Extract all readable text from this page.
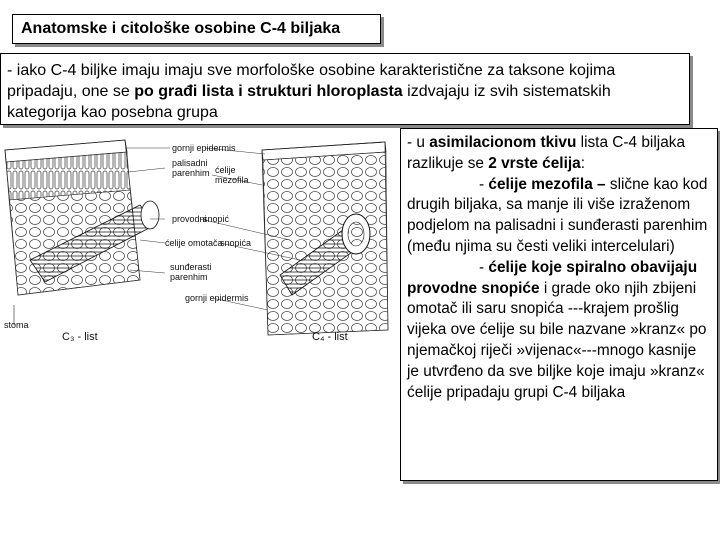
Anatomske i citološke osobine C-4 biljaka
- iako C-4 biljke imaju imaju sve morfološke osobine karakteristične za taksone kojima pripadaju, one se po građi lista i strukturi hloroplasta izdvajaju iz svih sistematskih kategorija kao posebna grupa
- u asimilacionom tkivu lista C-4 biljaka razlikuje se 2 vrste ćelija:
- ćelije mezofila – slične kao kod drugih biljaka, sa manje ili više izraženom podjelom na palisadni i sunđerasti parenhim (među njima su česti veliki intercelulari)
- ćelije koje spiralno obavijaju provodne snopiće i grade oko njih zbijeni omotač ili saru snopića ---krajem prošlig vijeka ove ćelije su bile nazvane »kranz« po njemačkoj riječi »vijenac«---mnogo kasnije je utvrđeno da sve biljke koje imaju »kranz« ćelije pripadaju grupi C-4 biljaka
gornji epidermis
palisadni
parenhim ćelije
mezofila
provodni
snopić
ćelije omotača
snopića
sunđerasti
parenhim
gornji epidermis
stoma
C₃ - list	C₄ - list
